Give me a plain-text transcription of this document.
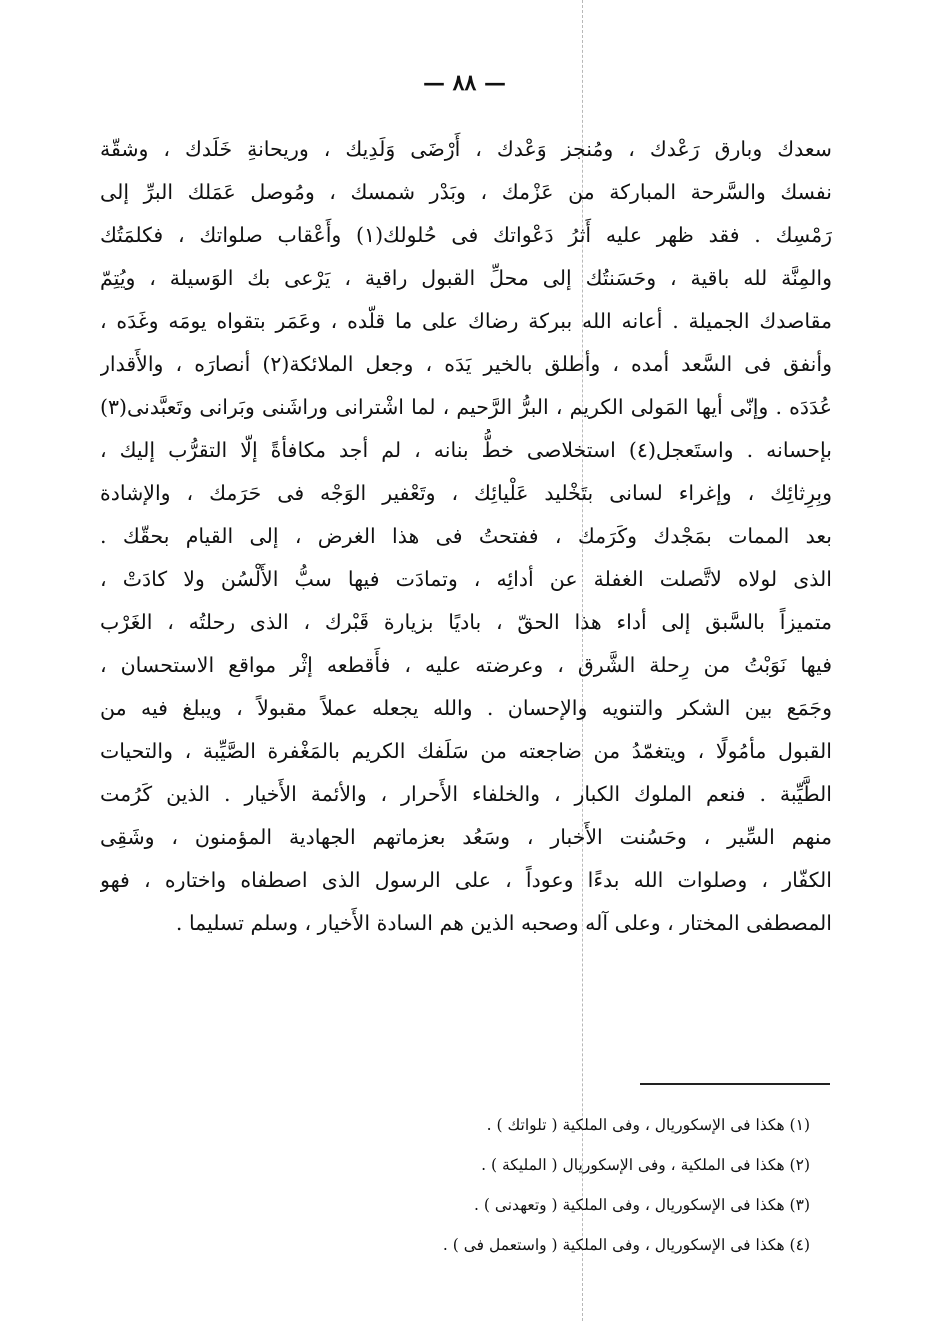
— ٨٨ —
سعدك وبارق رَعْدك ، ومُنجز وَعْدك ، أَرْضَى وَلَدِيك ، وريحانةِ خَلَدك ، وشقّة
نفسك والسَّرحة المباركة من عَزْمك ، وبَدْر شمسك ، ومُوصل عَمَلك البرِّ إلى
رَمْسِك . فقد ظهر عليه أَثرُ دَعْواتك فى حُلولك(١) وأَعْقاب صلواتك ، فكلمَتُك
والمِنَّة لله باقية ، وحَسَنتُك إلى محلِّ القبول راقية ، يَرْعى بك الوَسيلة ، ويُتِمّ
مقاصدك الجميلة . أعانه الله ببركة رضاك على ما قلّده ، وعَمَر بتقواه يومَه وغَدَه ،
وأنفق فى السَّعد أمده ، وأطلق بالخير يَدَه ، وجعل الملائكة(٢) أنصارَه ، والأَقدار
عُدَدَه . وإنّى أيها المَولى الكريم ، البرُّ الرَّحيم ، لما اشْترانى وراشَنى وبَرانى وتَعبَّدنى(٣)
بإحسانه . واستَعجل(٤) استخلاصى خطُّ بنانه ، لم أجد مكافأةً إلّا التقرُّب إليك ،
وبِرِثائِك ، وإغراء لسانى بتَخْليد عَلْيائِك ، وتَعْفير الوَجْه فى حَرَمك ، والإشادة
بعد الممات بمَجْدك وكَرَمك ، ففتحتُ فى هذا الغرض ، إلى القيام بحقّك .
الذى لولاه لاتَّصلت الغفلة عن أدائِه ، وتمادَت فيها سبُّ الأَلْسُن ولا كادَتْ ،
متميزاً بالسَّبق إلى أداء هذا الحقّ ، باديًا بزيارة قَبْرك ، الذى رحلتُه ، الغَرْب
فيها نَوَبْتُ من رِحلة الشَّرق ، وعرضته عليه ، فأَقطعه إثْر مواقع الاستحسان ،
وجَمَع بين الشكر والتنويه والإحسان . والله يجعله عملاً مقبولاً ، ويبلغ فيه من
القبول مأمُولًا ، ويتغمّدُ من ضاجعته من سَلَفك الكريم بالمَغْفرة الصَّيِّبة ، والتحيات
الطَّيِّبة . فنعم الملوك الكبار ، والخلفاء الأَحرار ، والأئمة الأَخيار . الذين كَرُمت
منهم السِّير ، وحَسُنت الأَخبار ، وسَعُد بعزماتهم الجهادية المؤمنون ، وشَقِى
الكفّار ، وصلوات الله بدءًا وعوداً ، على الرسول الذى اصطفاه واختاره ، فهو
المصطفى المختار ، وعلى آله وصحبه الذين هم السادة الأَخيار ، وسلم تسليما .
(١) هكذا فى الإسكوريال ، وفى الملكية ( تلواتك ) .
(٢) هكذا فى الملكية ، وفى الإسكوريال ( المليكة ) .
(٣) هكذا فى الإسكوريال ، وفى الملكية ( وتعهدنى ) .
(٤) هكذا فى الإسكوريال ، وفى الملكية ( واستعمل فى ) .
